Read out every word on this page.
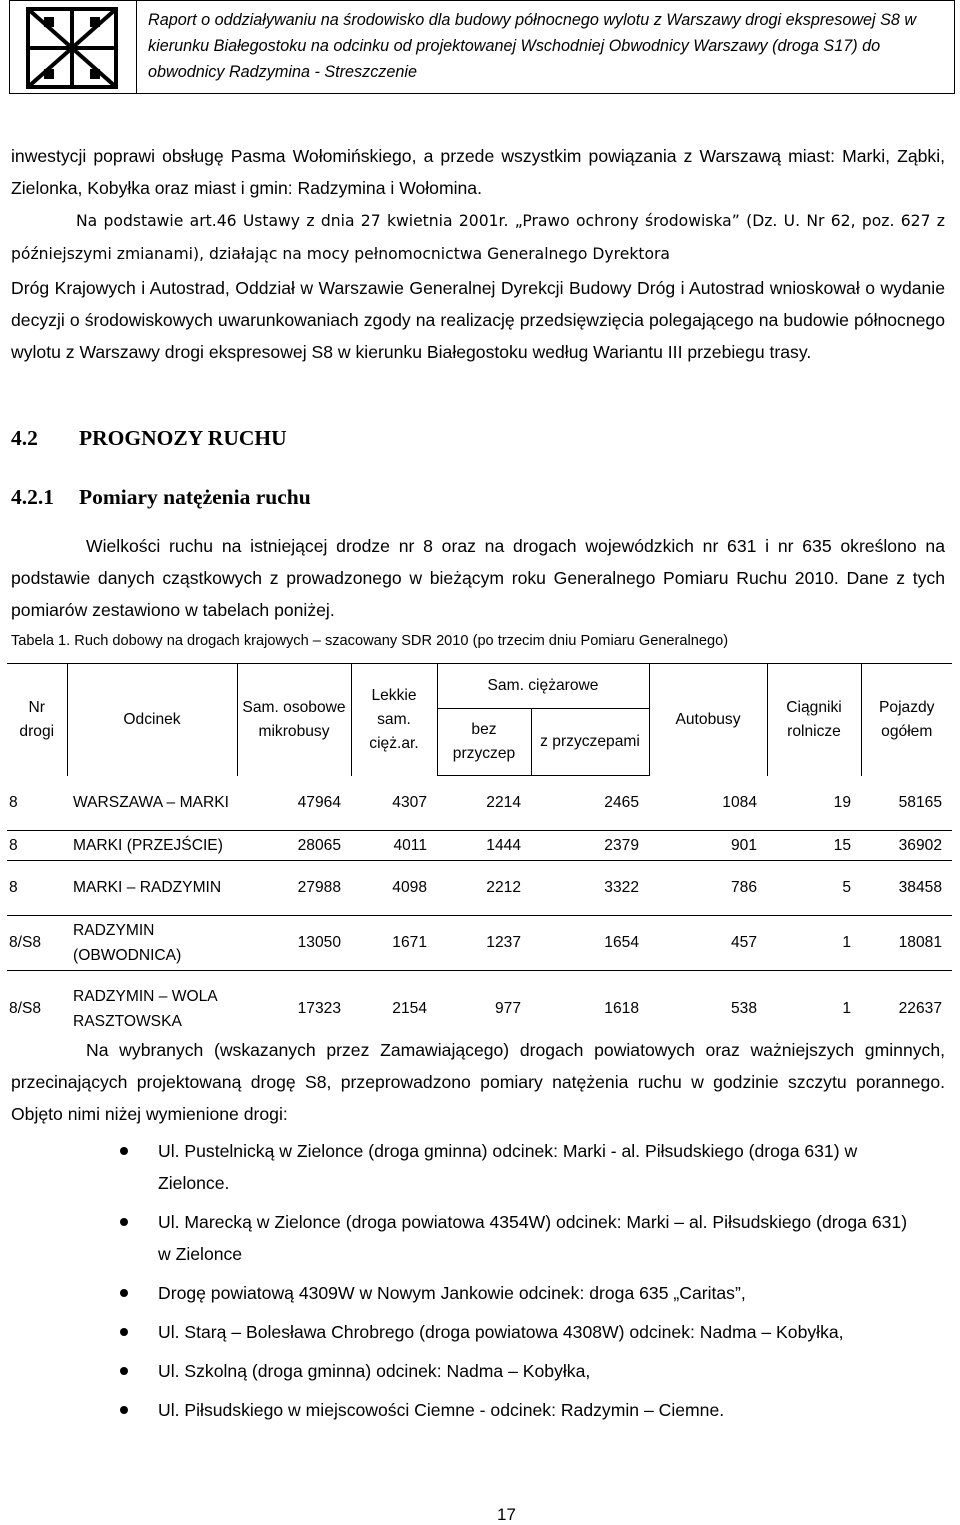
Raport o oddziaływaniu na środowisko dla budowy północnego wylotu z Warszawy drogi ekspresowej S8 w kierunku Białegostoku na odcinku od projektowanej Wschodniej Obwodnicy Warszawy (droga S17) do obwodnicy Radzymina - Streszczenie
inwestycji poprawi obsługę Pasma Wołomińskiego, a przede wszystkim powiązania z Warszawą miast: Marki, Ząbki, Zielonka, Kobyłka oraz miast i gmin: Radzymina i Wołomina.
Na podstawie art.46 Ustawy z dnia 27 kwietnia 2001r. „Prawo ochrony środowiska” (Dz. U. Nr 62, poz. 627 z późniejszymi zmianami), działając na mocy pełnomocnictwa Generalnego Dyrektora
Dróg Krajowych i Autostrad, Oddział w Warszawie Generalnej Dyrekcji Budowy Dróg i Autostrad wnioskował o wydanie decyzji o środowiskowych uwarunkowaniach zgody na realizację przedsięwzięcia polegającego na budowie północnego wylotu z Warszawy drogi ekspresowej S8 w kierunku Białegostoku według Wariantu III przebiegu trasy.
4.2 PROGNOZY RUCHU
4.2.1 Pomiary natężenia ruchu
Wielkości ruchu na istniejącej drodze nr 8 oraz na drogach wojewódzkich nr 631 i nr 635 określono na podstawie danych cząstkowych z prowadzonego w bieżącym roku Generalnego Pomiaru Ruchu 2010. Dane z tych pomiarów zestawiono w tabelach poniżej.
Tabela 1. Ruch dobowy na drogach krajowych – szacowany SDR 2010 (po trzecim dniu Pomiaru Generalnego)
Nr drogi	Odcinek	Sam. osobowe mikrobusy	Lekkie sam. cięż.ar.	Sam. ciężarowe		Autobusy	Ciągniki rolnicze	Pojazdy ogółem
				bez przyczep	z przyczepami			
8	WARSZAWA – MARKI	47964	4307	2214	2465	1084	19	58165
8	MARKI (PRZEJŚCIE)	28065	4011	1444	2379	901	15	36902
8	MARKI – RADZYMIN	27988	4098	2212	3322	786	5	38458
8/S8	RADZYMIN (OBWODNICA)	13050	1671	1237	1654	457	1	18081
8/S8	RADZYMIN – WOLA RASZTOWSKA	17323	2154	977	1618	538	1	22637
Na wybranych (wskazanych przez Zamawiającego) drogach powiatowych oraz ważniejszych gminnych, przecinających projektowaną drogę S8, przeprowadzono pomiary natężenia ruchu w godzinie szczytu porannego. Objęto nimi niżej wymienione drogi:
Ul. Pustelnicką w Zielonce (droga gminna) odcinek: Marki - al. Piłsudskiego (droga 631) w Zielonce.
Ul. Marecką w Zielonce (droga powiatowa 4354W) odcinek: Marki – al. Piłsudskiego (droga 631) w Zielonce
Drogę powiatową 4309W w Nowym Jankowie odcinek: droga 635 „Caritas”,
Ul. Starą – Bolesława Chrobrego (droga powiatowa 4308W) odcinek: Nadma – Kobyłka,
Ul. Szkolną (droga gminna) odcinek: Nadma – Kobyłka,
Ul. Piłsudskiego w miejscowości Ciemne - odcinek: Radzymin – Ciemne.
17
